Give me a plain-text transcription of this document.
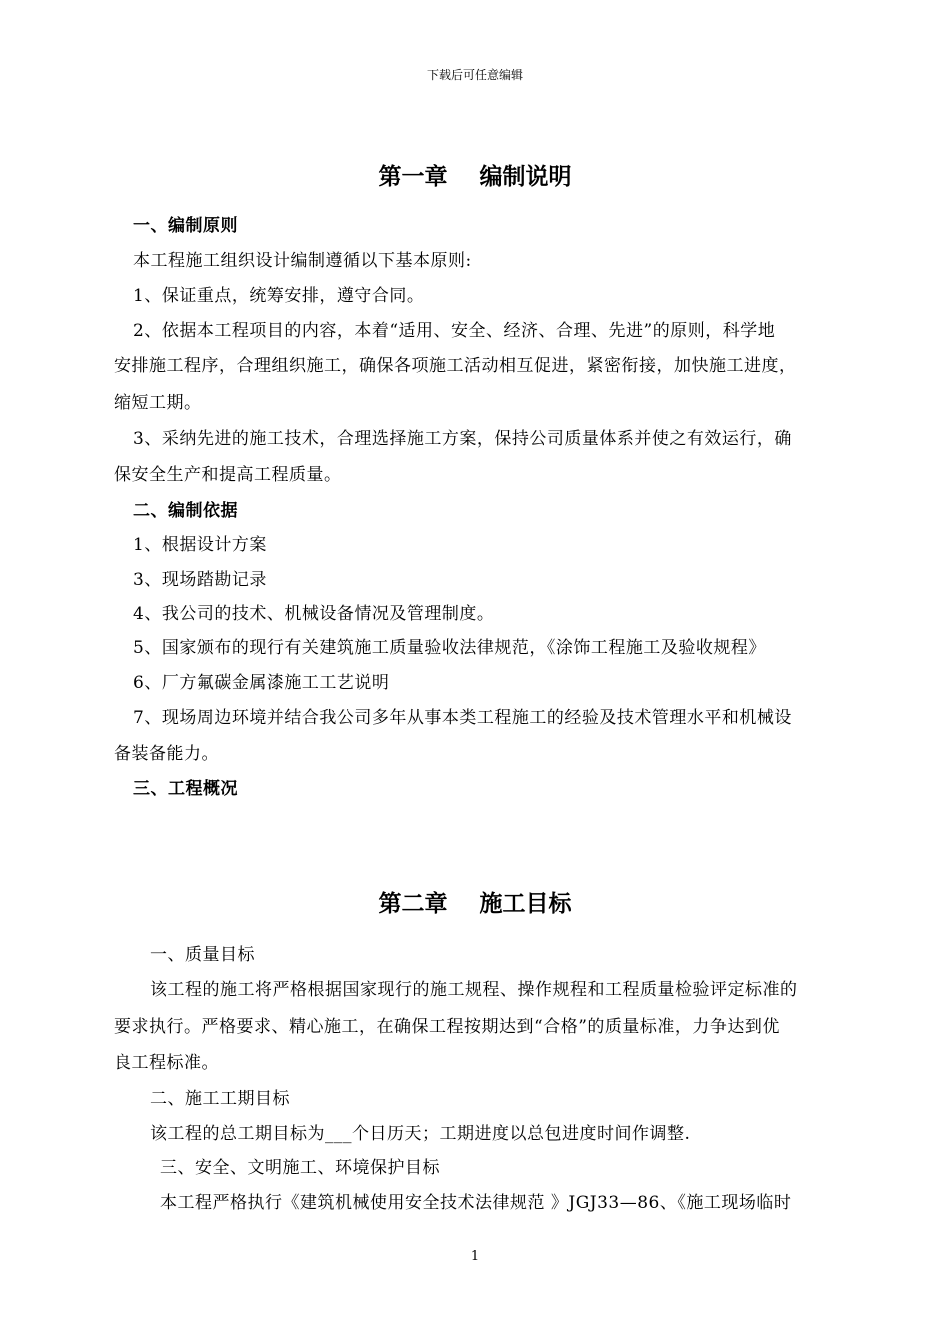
下载后可任意编辑
第一章    编制说明
一、编制原则
本工程施工组织设计编制遵循以下基本原则:
1、保证重点，统筹安排，遵守合同。
2、依据本工程项目的内容，本着“适用、安全、经济、合理、先进”的原则，科学地
安排施工程序，合理组织施工，确保各项施工活动相互促进，紧密衔接，加快施工进度，
缩短工期。
3、采纳先进的施工技术，合理选择施工方案，保持公司质量体系并使之有效运行，确
保安全生产和提高工程质量。
二、编制依据
1、根据设计方案
3、现场踏勘记录
4、我公司的技术、机械设备情况及管理制度。
5、国家颁布的现行有关建筑施工质量验收法律规范，《涂饰工程施工及验收规程》
6、厂方氟碳金属漆施工工艺说明
7、现场周边环境并结合我公司多年从事本类工程施工的经验及技术管理水平和机械设
备装备能力。
三、工程概况
第二章    施工目标
一、质量目标
该工程的施工将严格根据国家现行的施工规程、操作规程和工程质量检验评定标准的
要求执行。严格要求、精心施工，在确保工程按期达到“合格”的质量标准，力争达到优
良工程标准。
二、施工工期目标
该工程的总工期目标为___个日历天；工期进度以总包进度时间作调整.
三、安全、文明施工、环境保护目标
本工程严格执行《建筑机械使用安全技术法律规范 》JGJ33—86、《施工现场临时
1
